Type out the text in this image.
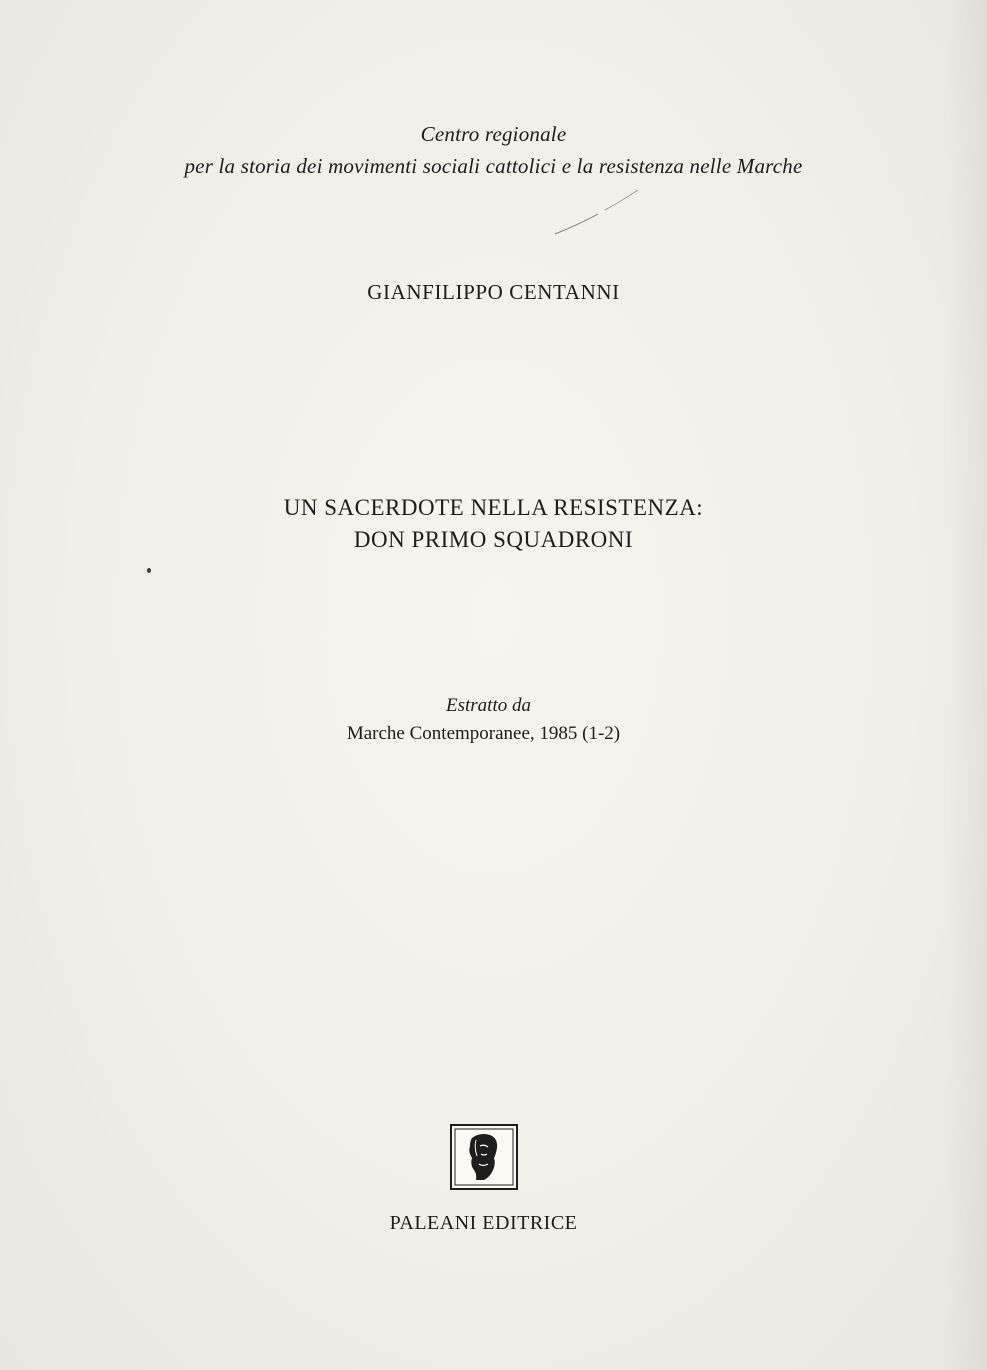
Centro regionale
per la storia dei movimenti sociali cattolici e la resistenza nelle Marche
GIANFILIPPO CENTANNI
UN SACERDOTE NELLA RESISTENZA:
DON PRIMO SQUADRONI
Estratto da
Marche Contemporanee, 1985 (1-2)
PALEANI EDITRICE
